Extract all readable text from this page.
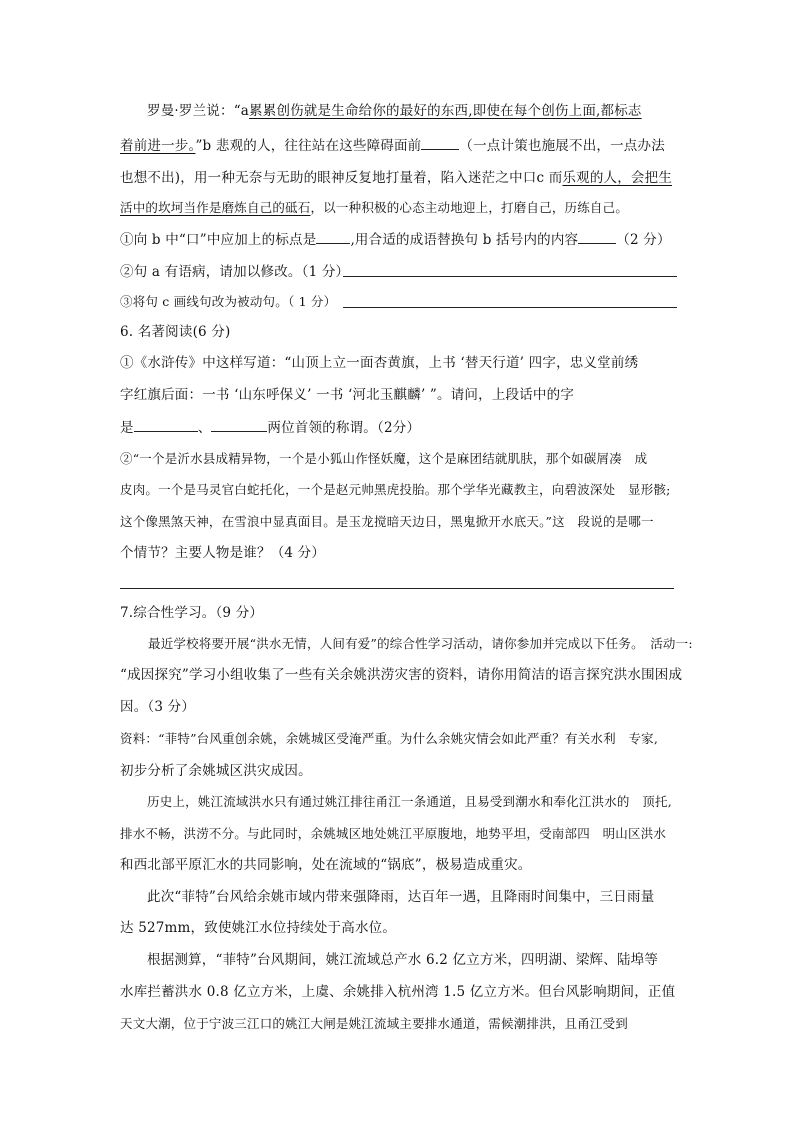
罗曼·罗兰说：“a累累创伤就是生命给你的最好的东西,即使在每个创伤上面,都标志
着前进一步。”b 悲观的人，往往站在这些障碍面前	（一点计策也施展不出，一点办法
也想不出)，用一种无奈与无助的眼神反复地打量着，陷入迷茫之中口c 而乐观的人，会把生
活中的坎坷当作是磨炼自己的砥石，以一种积极的心态主动地迎上，打磨自己，历练自己。
①向 b 中“口”中应加上的标点是	,用合适的成语替换句 b 括号内的内容	（2 分）
②句 a 有语病，请加以修改。（1 分）
③将句 c 画线句改为被动句。（ 1 分）
6. 名著阅读(6 分)
①《水浒传》中这样写道：“山顶上立一面杏黄旗，上书 ‘替天行道’ 四字，忠义堂前绣
字红旗后面：一书 ‘山东呼保义’ 一书 ‘河北玉麒麟’ ”。请问，上段话中的字
是	、	两位首领的称谓。（2分）
②“一个是沂水县成精异物，一个是小狐山作怪妖魔，这个是麻团结就肌肤，那个如碳屑凑　成
皮肉。一个是马灵官白蛇托化，一个是赵元帅黑虎投胎。那个学华光藏教主，向碧波深处　显形骸;
这个像黑煞天神，在雪浪中显真面目。是玉龙搅暗天边日，黑鬼掀开水底天。”这　段说的是哪一
个情节？主要人物是谁？（4 分）
7.综合性学习。（9 分）
最近学校将要开展“洪水无情，人间有爱”的综合性学习活动，请你参加并完成以下任务。　活动一:
“成因探究”学习小组收集了一些有关余姚洪涝灾害的资料，请你用简洁的语言探究洪水围困成
因。（3 分）
资料：“菲特”台风重创余姚，余姚城区受淹严重。为什么余姚灾情会如此严重？有关水利　专家,
初步分析了余姚城区洪灾成因。
历史上，姚江流域洪水只有通过姚江排往甬江一条通道，且易受到潮水和奉化江洪水的　顶托,
排水不畅，洪涝不分。与此同时，余姚城区地处姚江平原腹地，地势平坦，受南部四　明山区洪水
和西北部平原汇水的共同影响，处在流域的“锅底”，极易造成重灾。
此次“菲特”台风给余姚市域内带来强降雨，达百年一遇，且降雨时间集中，三日雨量
达 527mm，致使姚江水位持续处于高水位。
根据测算，“菲特”台风期间，姚江流域总产水 6.2 亿立方米，四明湖、梁辉、陆埠等
水库拦蓄洪水 0.8 亿立方米，上虞、余姚排入杭州湾 1.5 亿立方米。但台风影响期间，正值
天文大潮，位于宁波三江口的姚江大闸是姚江流域主要排水通道，需候潮排洪，且甬江受到
